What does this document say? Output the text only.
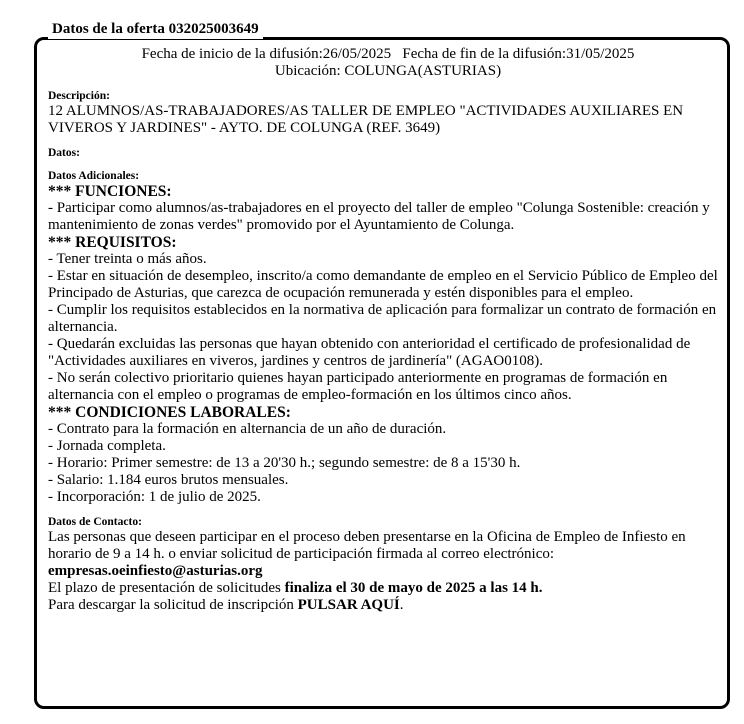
Datos de la oferta 032025003649

Fecha de inicio de la difusión:26/05/2025   Fecha de fin de la difusión:31/05/2025

Ubicación: COLUNGA(ASTURIAS)

Descripción:

12 ALUMNOS/AS-TRABAJADORES/AS TALLER DE EMPLEO "ACTIVIDADES AUXILIARES EN VIVEROS Y JARDINES" - AYTO. DE COLUNGA (REF. 3649)

Datos:
Datos Adicionales:

*** FUNCIONES:

- Participar como alumnos/as-trabajadores en el proyecto del taller de empleo "Colunga Sostenible: creación y mantenimiento de zonas verdes" promovido por el Ayuntamiento de Colunga.

*** REQUISITOS:

- Tener treinta o más años.

- Estar en situación de desempleo, inscrito/a como demandante de empleo en el Servicio Público de Empleo del Principado de Asturias, que carezca de ocupación remunerada y estén disponibles para el empleo.

- Cumplir los requisitos establecidos en la normativa de aplicación para formalizar un contrato de formación en alternancia.

- Quedarán excluidas las personas que hayan obtenido con anterioridad el certificado de profesionalidad de "Actividades auxiliares en viveros, jardines y centros de jardinería" (AGAO0108).

- No serán colectivo prioritario quienes hayan participado anteriormente en programas de formación en alternancia con el empleo o programas de empleo-formación en los últimos cinco años.

*** CONDICIONES LABORALES:

- Contrato para la formación en alternancia de un año de duración.

- Jornada completa.

- Horario: Primer semestre: de 13 a 20'30 h.; segundo semestre: de 8 a 15'30 h.

- Salario: 1.184 euros brutos mensuales.

- Incorporación: 1 de julio de 2025.

Datos de Contacto:

Las personas que deseen participar en el proceso deben presentarse en la Oficina de Empleo de Infiesto en horario de 9 a 14 h. o enviar solicitud de participación firmada al correo electrónico:

empresas.oeinfiesto@asturias.org

El plazo de presentación de solicitudes finaliza el 30 de mayo de 2025 a las 14 h.

Para descargar la solicitud de inscripción PULSAR AQUÍ.
